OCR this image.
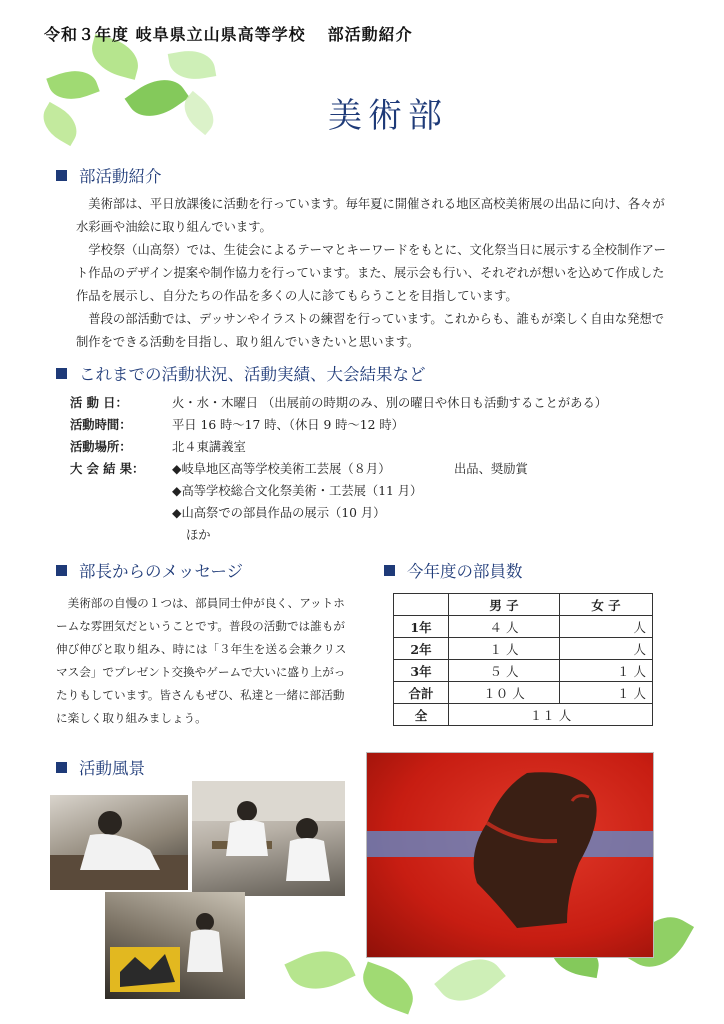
令和３年度 岐阜県立山県高等学校 部活動紹介
美術部
部活動紹介

美術部は、平日放課後に活動を行っています。毎年夏に開催される地区高校美術展の出品に向け、各々が水彩画や油絵に取り組んでいます。

学校祭（山高祭）では、生徒会によるテーマとキーワードをもとに、文化祭当日に展示する全校制作アート作品のデザイン提案や制作協力を行っています。また、展示会も行い、それぞれが想いを込めて作成した作品を展示し、自分たちの作品を多くの人に診てもらうことを目指しています。

普段の部活動では、デッサンやイラストの練習を行っています。これからも、誰もが楽しく自由な発想で制作をできる活動を目指し、取り組んでいきたいと思います。

これまでの活動状況、活動実績、大会結果など
活 動 日：	火・水・木曜日 （出展前の時期のみ、別の曜日や休日も活動することがある）
活動時間：	平日 16 時～17 時、（休日 9 時～12 時）
活動場所：	北４東講義室
大 会 結 果： ◆岐阜地区高等学校美術工芸展（８月）	出品、奨励賞
◆高等学校総合文化祭美術・工芸展（11 月）
◆山高祭での部員作品の展示（10 月）
ほか
部長からのメッセージ

美術部の自慢の１つは、部員同士仲が良く、アットホームな雰囲気だということです。普段の活動では誰もが伸び伸びと取り組み、時には「３年生を送る会兼クリスマス会」でプレゼント交換やゲームで大いに盛り上がったりもしています。皆さんもぜひ、私達と一緒に部活動に楽しく取り組みましょう。

今年度の部員数
	男 子	女 子
1年	４ 人	人
2年	１ 人	人
3年	５ 人	１ 人
合計	１０ 人	１ 人
全	１１ 人	
活動風景
